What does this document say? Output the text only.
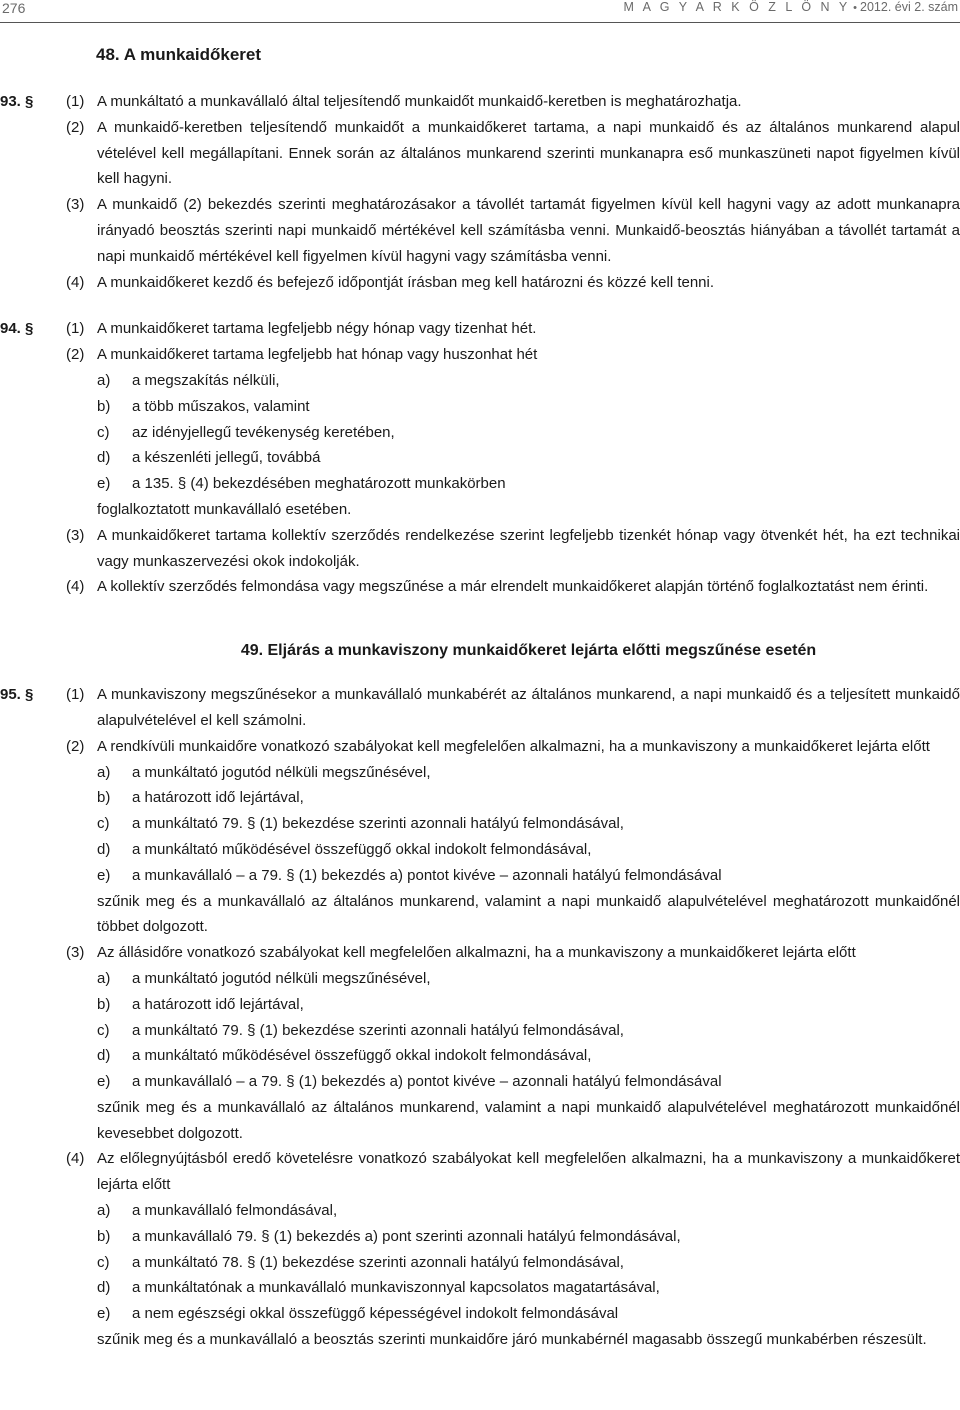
276	M A G Y A R K Ö Z L Ö N Y • 2012. évi 2. szám
48. A munkaidőkeret
93. § (1) A munkáltató a munkavállaló által teljesítendő munkaidőt munkaidő-keretben is meghatározhatja.
(2) A munkaidő-keretben teljesítendő munkaidőt a munkaidőkeret tartama, a napi munkaidő és az általános munkarend alapul vételével kell megállapítani. Ennek során az általános munkarend szerinti munkanapra eső munkaszüneti napot figyelmen kívül kell hagyni.
(3) A munkaidő (2) bekezdés szerinti meghatározásakor a távollét tartamát figyelmen kívül kell hagyni vagy az adott munkanapra irányadó beosztás szerinti napi munkaidő mértékével kell számításba venni. Munkaidő-beosztás hiányában a távollét tartamát a napi munkaidő mértékével kell figyelmen kívül hagyni vagy számításba venni.
(4) A munkaidőkeret kezdő és befejező időpontját írásban meg kell határozni és közzé kell tenni.
94. § (1) A munkaidőkeret tartama legfeljebb négy hónap vagy tizenhat hét.
(2) A munkaidőkeret tartama legfeljebb hat hónap vagy huszonhat hét
a) a megszakítás nélküli,
b) a több műszakos, valamint
c) az idényjellegű tevékenység keretében,
d) a készenléti jellegű, továbbá
e) a 135. § (4) bekezdésében meghatározott munkakörben
foglalkoztatott munkavállaló esetében.
(3) A munkaidőkeret tartama kollektív szerződés rendelkezése szerint legfeljebb tizenkét hónap vagy ötvenkét hét, ha ezt technikai vagy munkaszervezési okok indokolják.
(4) A kollektív szerződés felmondása vagy megszűnése a már elrendelt munkaidőkeret alapján történő foglalkoztatást nem érinti.
49. Eljárás a munkaviszony munkaidőkeret lejárta előtti megszűnése esetén
95. § (1) A munkaviszony megszűnésekor a munkavállaló munkabérét az általános munkarend, a napi munkaidő és a teljesített munkaidő alapulvételével el kell számolni.
(2) A rendkívüli munkaidőre vonatkozó szabályokat kell megfelelően alkalmazni, ha a munkaviszony a munkaidőkeret lejárta előtt
a) a munkáltató jogutód nélküli megszűnésével,
b) a határozott idő lejártával,
c) a munkáltató 79. § (1) bekezdése szerinti azonnali hatályú felmondásával,
d) a munkáltató működésével összefüggő okkal indokolt felmondásával,
e) a munkavállaló – a 79. § (1) bekezdés a) pontot kivéve – azonnali hatályú felmondásával
szűnik meg és a munkavállaló az általános munkarend, valamint a napi munkaidő alapulvételével meghatározott munkaidőnél többet dolgozott.
(3) Az állásidőre vonatkozó szabályokat kell megfelelően alkalmazni, ha a munkaviszony a munkaidőkeret lejárta előtt
a) a munkáltató jogutód nélküli megszűnésével,
b) a határozott idő lejártával,
c) a munkáltató 79. § (1) bekezdése szerinti azonnali hatályú felmondásával,
d) a munkáltató működésével összefüggő okkal indokolt felmondásával,
e) a munkavállaló – a 79. § (1) bekezdés a) pontot kivéve – azonnali hatályú felmondásával
szűnik meg és a munkavállaló az általános munkarend, valamint a napi munkaidő alapulvételével meghatározott munkaidőnél kevesebbet dolgozott.
(4) Az előlegnyújtásból eredő követelésre vonatkozó szabályokat kell megfelelően alkalmazni, ha a munkaviszony a munkaidőkeret lejárta előtt
a) a munkavállaló felmondásával,
b) a munkavállaló 79. § (1) bekezdés a) pont szerinti azonnali hatályú felmondásával,
c) a munkáltató 78. § (1) bekezdése szerinti azonnali hatályú felmondásával,
d) a munkáltatónak a munkavállaló munkaviszonnyal kapcsolatos magatartásával,
e) a nem egészségi okkal összefüggő képességével indokolt felmondásával
szűnik meg és a munkavállaló a beosztás szerinti munkaidőre járó munkabérnél magasabb összegű munkabérben részesült.
